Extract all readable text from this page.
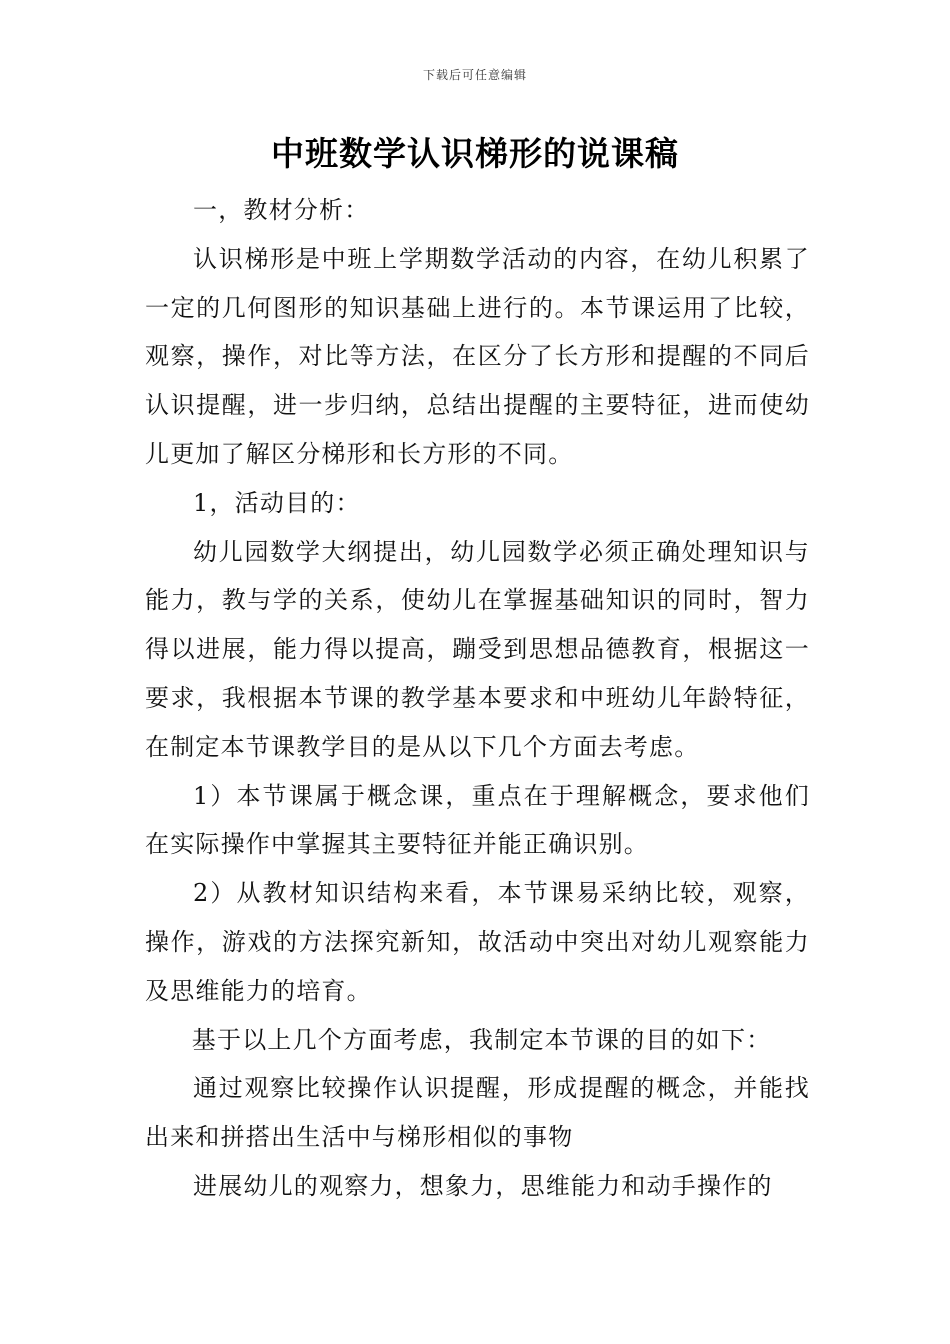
下载后可任意编辑
中班数学认识梯形的说课稿

一，教材分析：

认识梯形是中班上学期数学活动的内容，在幼儿积累了一定的几何图形的知识基础上进行的。本节课运用了比较，观察，操作，对比等方法，在区分了长方形和提醒的不同后认识提醒，进一步归纳，总结出提醒的主要特征，进而使幼儿更加了解区分梯形和长方形的不同。

1，活动目的：

幼儿园数学大纲提出，幼儿园数学必须正确处理知识与能力，教与学的关系，使幼儿在掌握基础知识的同时，智力得以进展，能力得以提高，蹦受到思想品德教育，根据这一要求，我根据本节课的教学基本要求和中班幼儿年龄特征，在制定本节课教学目的是从以下几个方面去考虑。

1）本节课属于概念课，重点在于理解概念，要求他们在实际操作中掌握其主要特征并能正确识别。

2）从教材知识结构来看，本节课易采纳比较，观察，操作，游戏的方法探究新知，故活动中突出对幼儿观察能力及思维能力的培育。

基于以上几个方面考虑，我制定本节课的目的如下：

通过观察比较操作认识提醒，形成提醒的概念，并能找出来和拼搭出生活中与梯形相似的事物

进展幼儿的观察力，想象力，思维能力和动手操作的
